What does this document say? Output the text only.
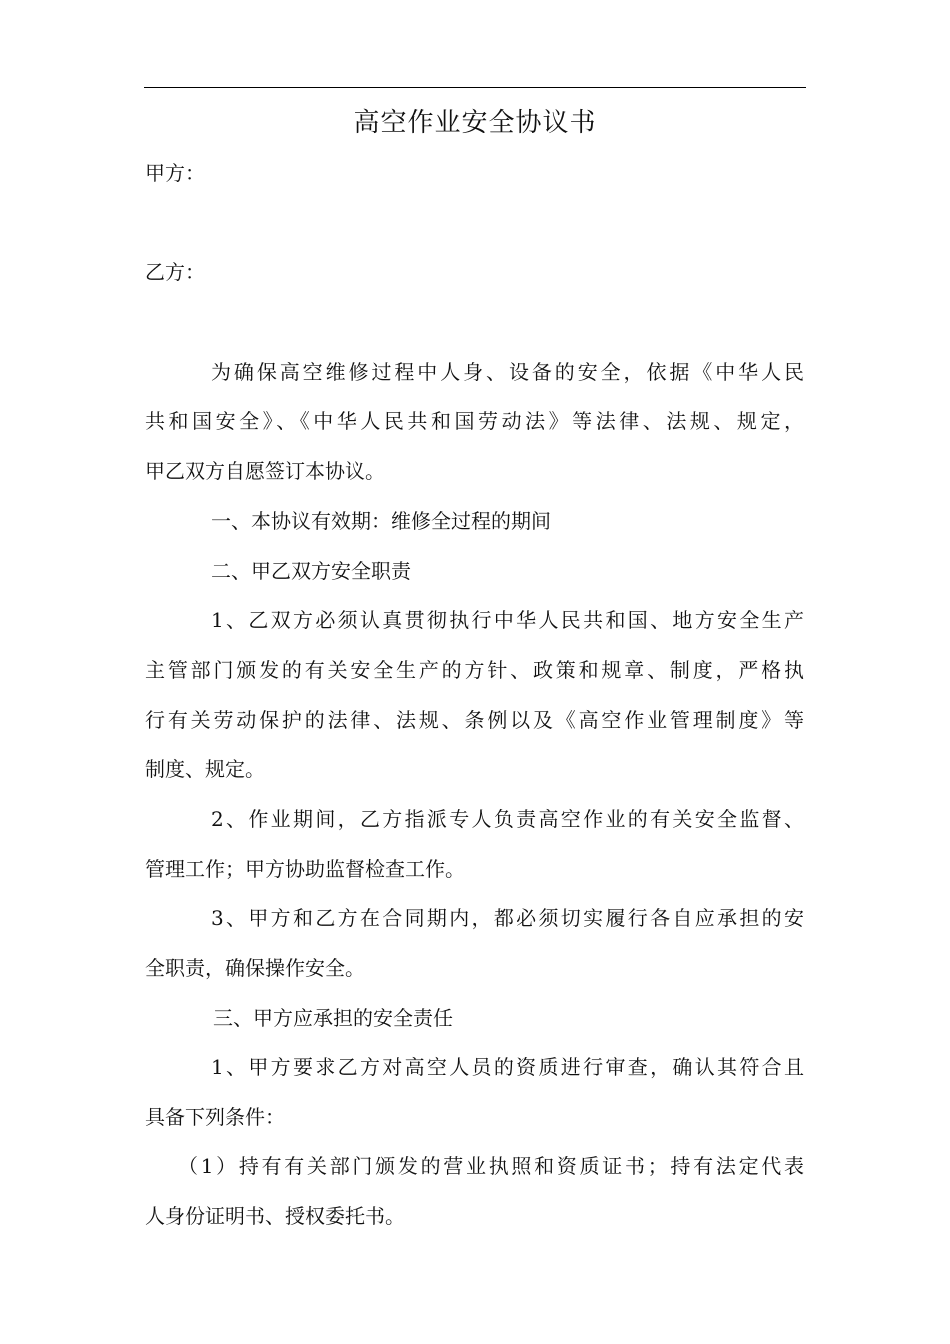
高空作业安全协议书

甲方：

乙方：

为确保高空维修过程中人身、设备的安全，依据《中华人民

共和国安全》、《中华人民共和国劳动法》等法律、法规、规定，

甲乙双方自愿签订本协议。

一、本协议有效期：维修全过程的期间

二、甲乙双方安全职责

1、乙双方必须认真贯彻执行中华人民共和国、地方安全生产

主管部门颁发的有关安全生产的方针、政策和规章、制度，严格执

行有关劳动保护的法律、法规、条例以及《高空作业管理制度》等

制度、规定。

2、作业期间，乙方指派专人负责高空作业的有关安全监督、

管理工作；甲方协助监督检查工作。

3、甲方和乙方在合同期内，都必须切实履行各自应承担的安

全职责，确保操作安全。

三、甲方应承担的安全责任

1、甲方要求乙方对高空人员的资质进行审查，确认其符合且

具备下列条件：

（1）持有有关部门颁发的营业执照和资质证书；持有法定代表

人身份证明书、授权委托书。
